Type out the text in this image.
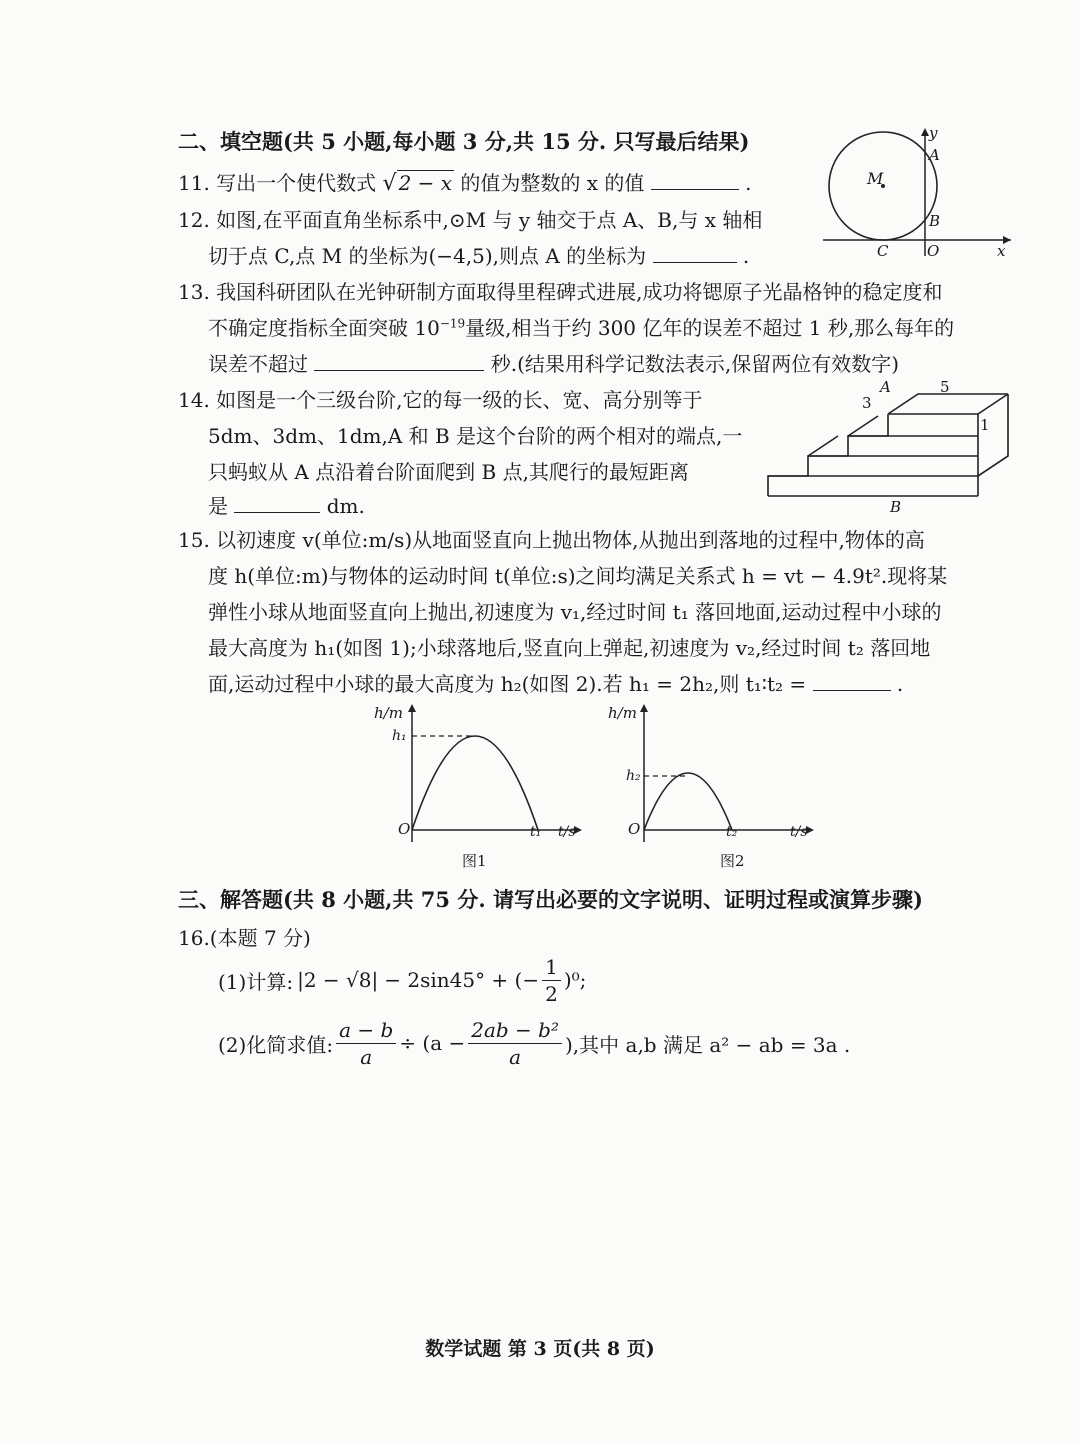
二、填空题(共 5 小题,每小题 3 分,共 15 分. 只写最后结果)
11. 写出一个使代数式 √ 2 − x 的值为整数的 x 的值	.
12. 如图,在平面直角坐标系中,⊙M 与 y 轴交于点 A、B,与 x 轴相
切于点 C,点 M 的坐标为(−4,5),则点 A 的坐标为	.
M
A
B
C	O	x
y
13. 我国科研团队在光钟研制方面取得里程碑式进展,成功将锶原子光晶格钟的稳定度和
不确定度指标全面突破 $10^{-19}$量级,相当于约 300 亿年的误差不超过 1 秒,那么每年的
误差不超过	秒.(结果用科学记数法表示,保留两位有效数字)
14. 如图是一个三级台阶,它的每一级的长、宽、高分别等于
5dm、3dm、1dm,A 和 B 是这个台阶的两个相对的端点,一
只蚂蚁从 A 点沿着台阶面爬到 B 点,其爬行的最短距离
是	dm.
A	5
3
1
B
15. 以初速度 v(单位:m/s)从地面竖直向上抛出物体,从抛出到落地的过程中,物体的高
度 h(单位:m)与物体的运动时间 t(单位:s)之间均满足关系式 h = vt − 4.9t².现将某
弹性小球从地面竖直向上抛出,初速度为 v₁,经过时间 t₁ 落回地面,运动过程中小球的
最大高度为 h₁(如图 1);小球落地后,竖直向上弹起,初速度为 v₂,经过时间 t₂ 落回地
面,运动过程中小球的最大高度为 h₂(如图 2).若 h₁ = 2h₂,则 t₁∶t₂ =	.
h/m
h₁
O	t₁ t/s
图1
h/m
h₂
O	t₂	t/s
图2
三、解答题(共 8 小题,共 75 分. 请写出必要的文字说明、证明过程或演算步骤)
16.(本题 7 分)
(1)计算: |2 − √8| − 2sin45° + (− $\frac{1}{2} )^0$;
(2)化简求值: $\frac{a - b}{a} \div (a - \frac{\text{2ab − b²}}{a}$ ),其中 a,b 满足 a² − ab = 3a .
数学试题 第 3 页(共 8 页)
